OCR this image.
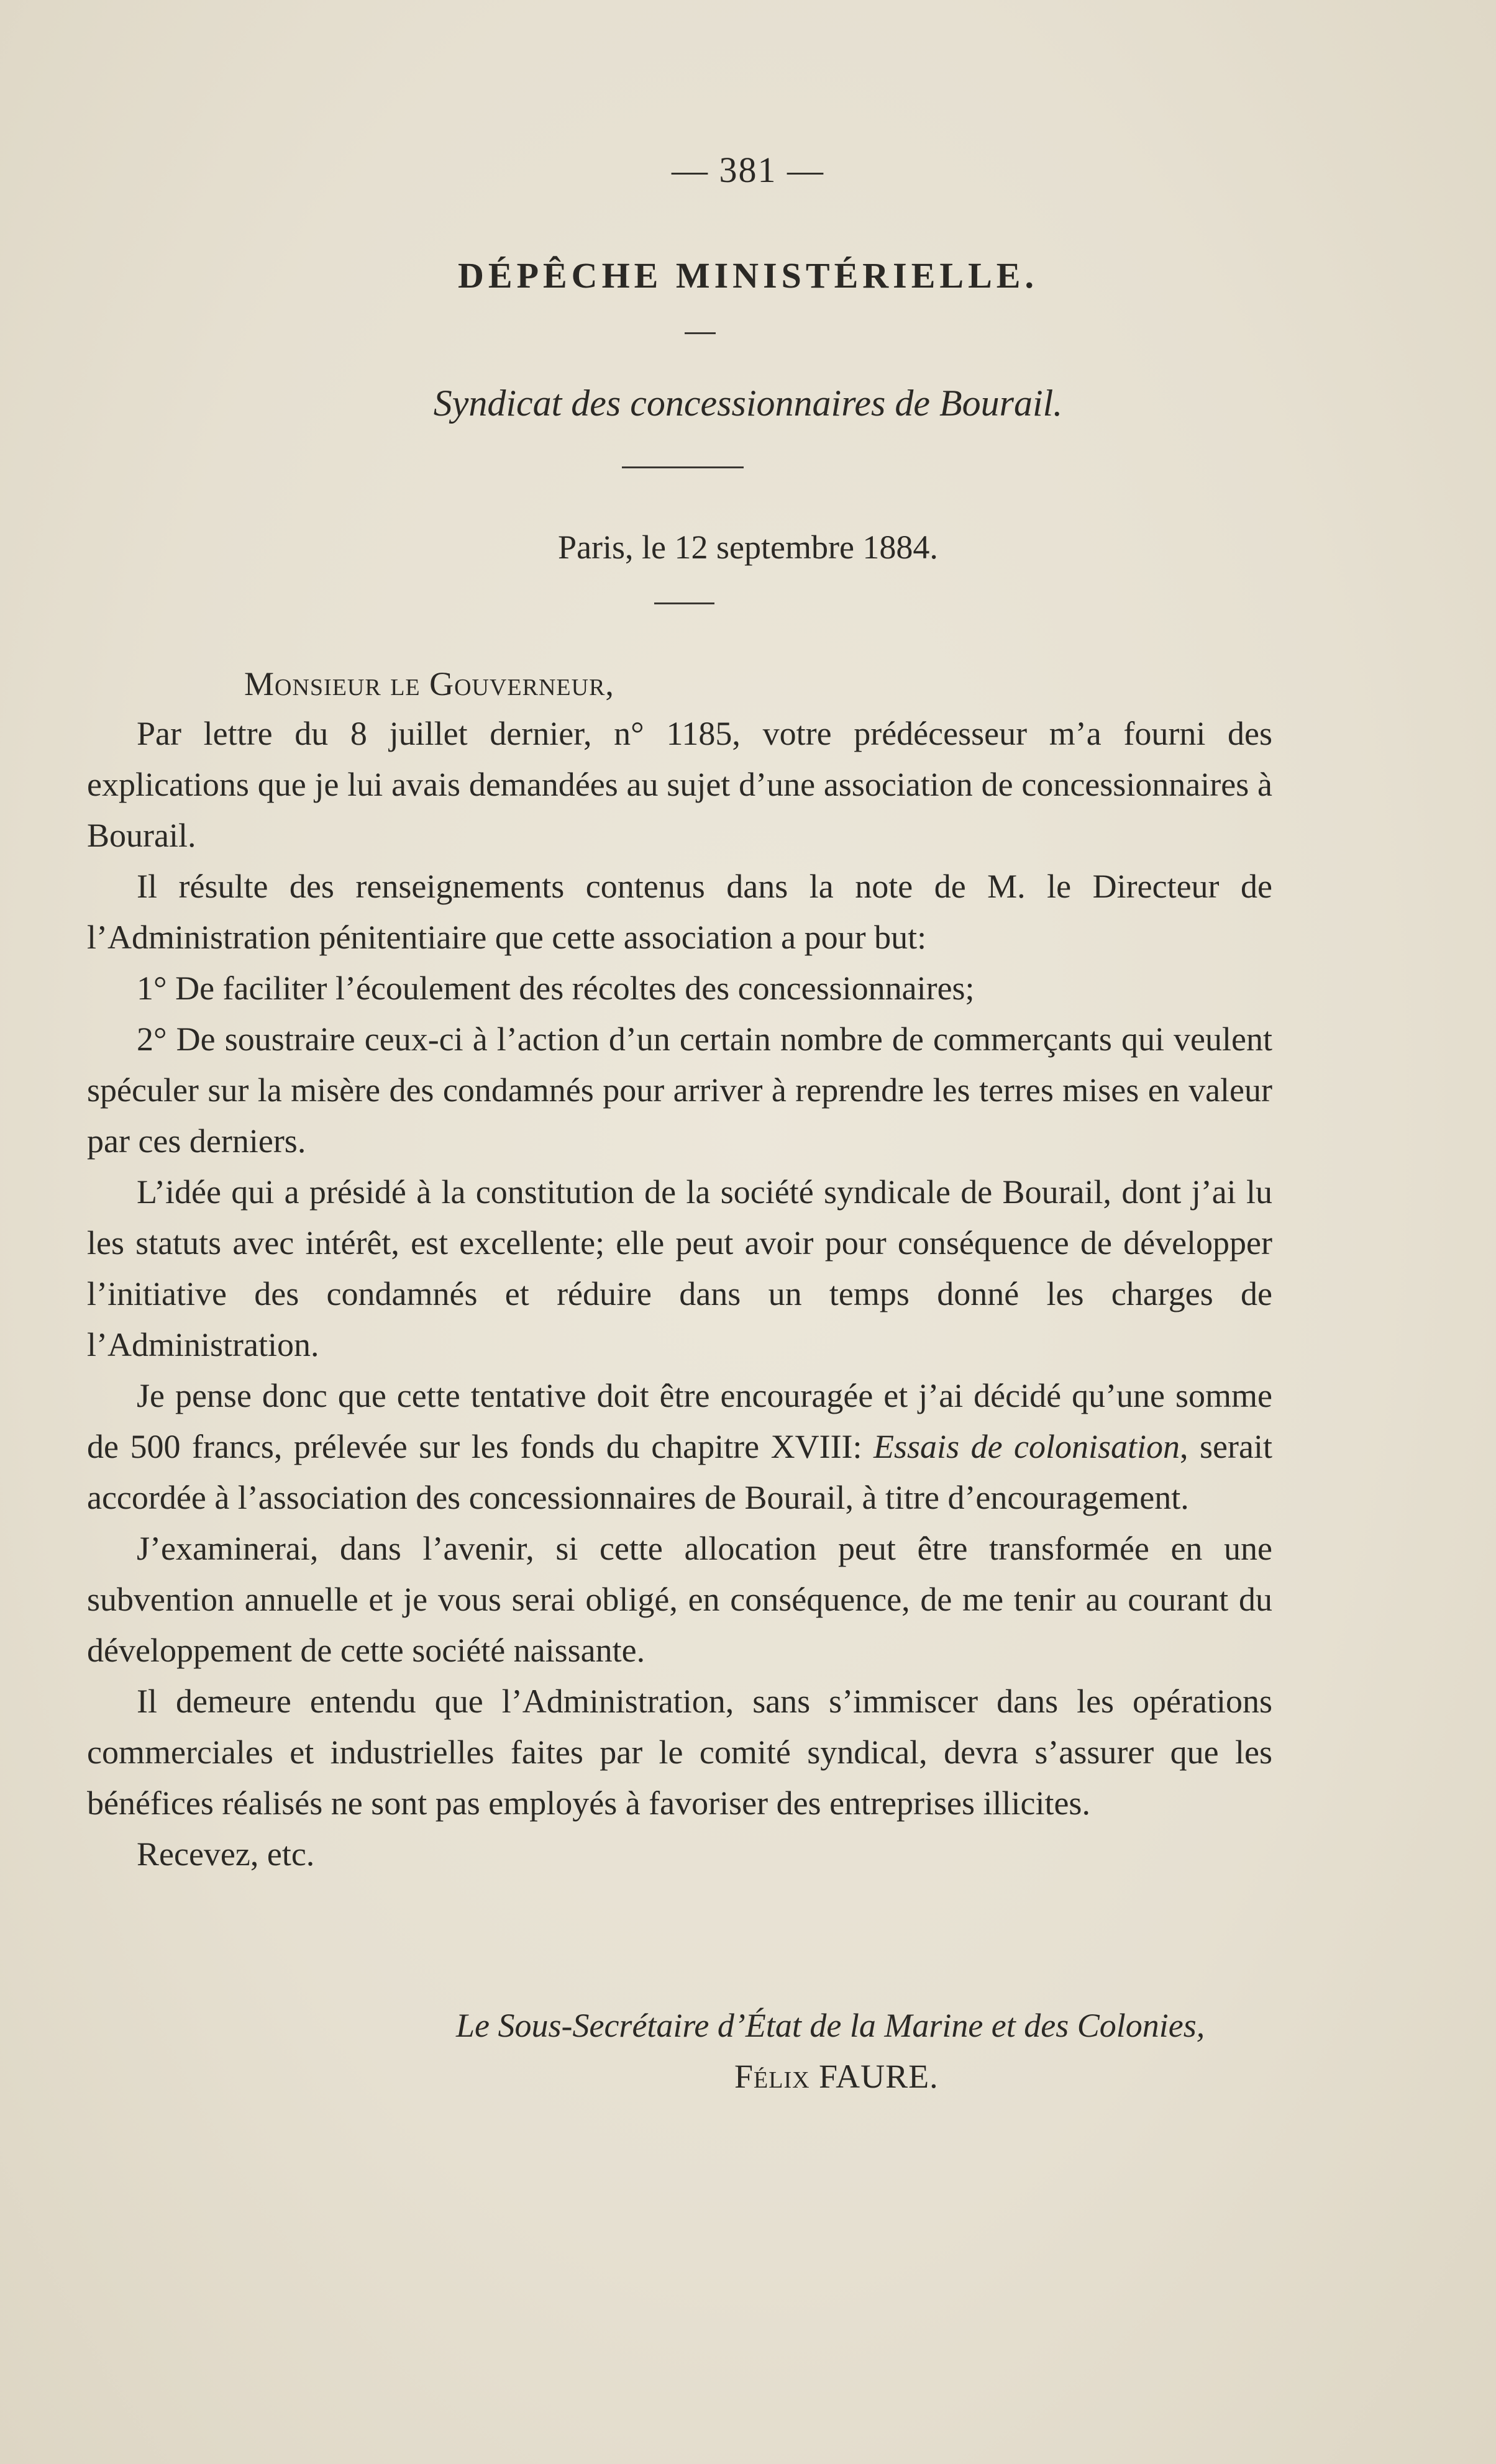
— 381 —
DÉPÊCHE MINISTÉRIELLE.
Syndicat des concessionnaires de Bourail.
Paris, le 12 septembre 1884.
Monsieur le Gouverneur,

Par lettre du 8 juillet dernier, n° 1185, votre prédécesseur m’a fourni des explications que je lui avais demandées au sujet d’une association de concessionnaires à Bourail.

Il résulte des renseignements contenus dans la note de M. le Directeur de l’Administration pénitentiaire que cette association a pour but:

1° De faciliter l’écoulement des récoltes des concessionnaires;

2° De soustraire ceux-ci à l’action d’un certain nombre de commerçants qui veulent spéculer sur la misère des condamnés pour arriver à reprendre les terres mises en valeur par ces derniers.

L’idée qui a présidé à la constitution de la société syndicale de Bourail, dont j’ai lu les statuts avec intérêt, est excellente; elle peut avoir pour conséquence de développer l’initiative des condamnés et réduire dans un temps donné les charges de l’Administration.

Je pense donc que cette tentative doit être encouragée et j’ai décidé qu’une somme de 500 francs, prélevée sur les fonds du chapitre XVIII: Essais de colonisation, serait accordée à l’association des concessionnaires de Bourail, à titre d’encouragement.

J’examinerai, dans l’avenir, si cette allocation peut être transformée en une subvention annuelle et je vous serai obligé, en conséquence, de me tenir au courant du développement de cette société naissante.

Il demeure entendu que l’Administration, sans s’immiscer dans les opérations commerciales et industrielles faites par le comité syndical, devra s’assurer que les bénéfices réalisés ne sont pas employés à favoriser des entreprises illicites.

Recevez, etc.

Le Sous-Secrétaire d’État de la Marine et des Colonies,
Félix FAURE.
